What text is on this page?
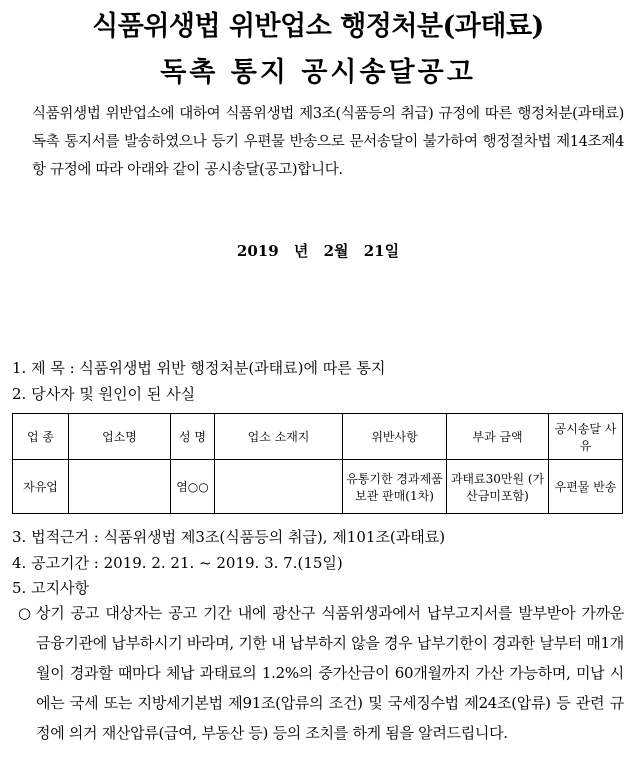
식품위생법 위반업소 행정처분(과태료)
독촉 통지 공시송달공고
식품위생법 위반업소에 대하여 식품위생법 제3조(식품등의 취급) 규정에 따른 행정처분(과태료) 독촉 통지서를 발송하였으나 등기 우편물 반송으로 문서송달이 불가하여 행정절차법 제14조제4항 규정에 따라 아래와 같이 공시송달(공고)합니다.
2019 년 2월 21일
1. 제 목 : 식품위생법 위반 행정처분(과태료)에 따른 통지
2. 당사자 및 원인이 된 사실
업 종	업소명	성 명	업소 소재지	위반사항	부과 금액	공시송달 사 유
자유업		염○○		유통기한 경과제품 보관 판매(1차)	과태료30만원 (가산금미포함)	우편물 반송
3. 법적근거 : 식품위생법 제3조(식품등의 취급), 제101조(과태료)
4. 공고기간 : 2019. 2. 21. ~ 2019. 3. 7.(15일)
5. 고지사항
○ 상기 공고 대상자는 공고 기간 내에 광산구 식품위생과에서 납부고지서를 발부받아 가까운 금융기관에 납부하시기 바라며, 기한 내 납부하지 않을 경우 납부기한이 경과한 날부터 매1개월이 경과할 때마다 체납 과태료의 1.2%의 중가산금이 60개월까지 가산 가능하며, 미납 시에는 국세 또는 지방세기본법 제91조(압류의 조건) 및 국세징수법 제24조(압류) 등 관련 규정에 의거 재산압류(급여, 부동산 등) 등의 조치를 하게 됨을 알려드립니다.
